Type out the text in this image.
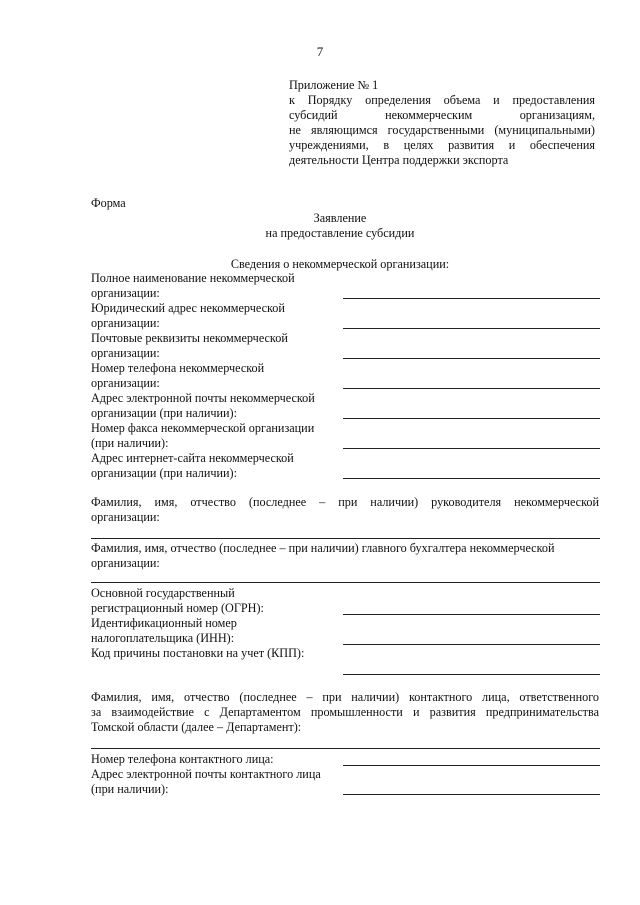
7
Приложение № 1
к Порядку определения объема и предоставления
субсидий некоммерческим организациям,
не являющимся государственными (муниципальными)
учреждениями, в целях развития и обеспечения
деятельности Центра поддержки экспорта
Форма
Заявление
на предоставление субсидии
Сведения о некоммерческой организации:
Полное наименование некоммерческой
организации:
Юридический адрес некоммерческой
организации:
Почтовые реквизиты некоммерческой
организации:
Номер телефона некоммерческой
организации:
Адрес электронной почты некоммерческой
организации (при наличии):
Номер факса некоммерческой организации
(при наличии):
Адрес интернет-сайта некоммерческой
организации (при наличии):
Фамилия, имя, отчество (последнее – при наличии) руководителя некоммерческой
организации:
Фамилия, имя, отчество (последнее – при наличии) главного бухгалтера некоммерческой
организации:
Основной государственный
регистрационный номер (ОГРН):
Идентификационный номер
налогоплательщика (ИНН):
Код причины постановки на учет (КПП):
Фамилия, имя, отчество (последнее – при наличии) контактного лица, ответственного
за взаимодействие с Департаментом промышленности и развития предпринимательства
Томской области (далее – Департамент):
Номер телефона контактного лица:
Адрес электронной почты контактного лица
(при наличии):
